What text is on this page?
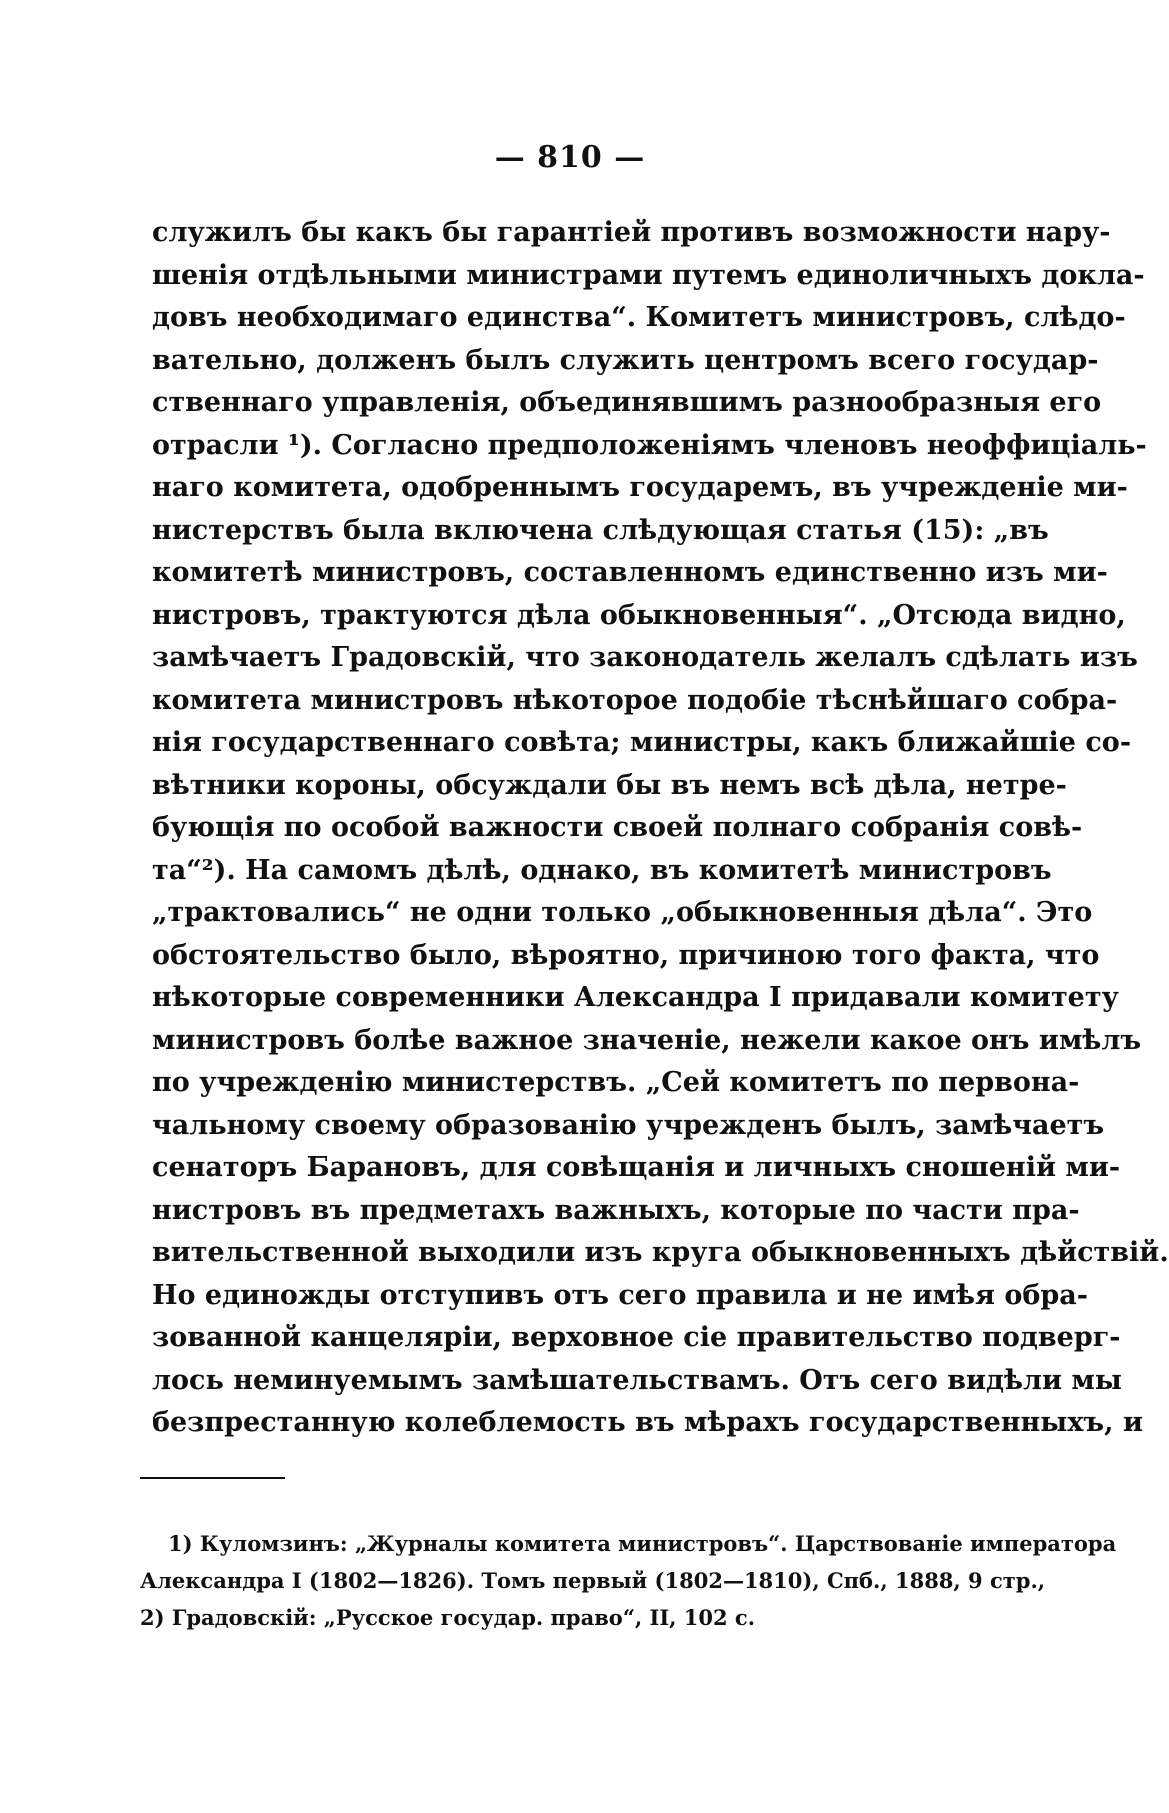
— 810 —
служилъ бы какъ бы гарантіей противъ возможности нару-
шенія отдѣльными министрами путемъ единоличныхъ докла-
довъ необходимаго единства“. Комитетъ министровъ, слѣдо-
вательно, долженъ былъ служить центромъ всего государ-
ственнаго управленія, объединявшимъ разнообразныя его
отрасли ¹). Согласно предположеніямъ членовъ неоффиціаль-
наго комитета, одобреннымъ государемъ, въ учрежденіе ми-
нистерствъ была включена слѣдующая статья (15): „въ
комитетѣ министровъ, составленномъ единственно изъ ми-
нистровъ, трактуются дѣла обыкновенныя“. „Отсюда видно,
замѣчаетъ Градовскій, что законодатель желалъ сдѣлать изъ
комитета министровъ нѣкоторое подобіе тѣснѣйшаго собра-
нія государственнаго совѣта; министры, какъ ближайшіе со-
вѣтники короны, обсуждали бы въ немъ всѣ дѣла, нетре-
бующія по особой важности своей полнаго собранія совѣ-
та“²). На самомъ дѣлѣ, однако, въ комитетѣ министровъ
„трактовались“ не одни только „обыкновенныя дѣла“. Это
обстоятельство было, вѣроятно, причиною того факта, что
нѣкоторые современники Александра I придавали комитету
министровъ болѣе важное значеніе, нежели какое онъ имѣлъ
по учрежденію министерствъ. „Сей комитетъ по первона-
чальному своему образованію учрежденъ былъ, замѣчаетъ
сенаторъ Барановъ, для совѣщанія и личныхъ сношеній ми-
нистровъ въ предметахъ важныхъ, которые по части пра-
вительственной выходили изъ круга обыкновенныхъ дѣйствій.
Но единожды отступивъ отъ сего правила и не имѣя обра-
зованной канцеляріи, верховное сіе правительство подверг-
лось неминуемымъ замѣшательствамъ. Отъ сего видѣли мы
безпрестанную колеблемость въ мѣрахъ государственныхъ, и
1) Куломзинъ: „Журналы комитета министровъ“. Царствованіе императора
Александра I (1802—1826). Томъ первый (1802—1810), Спб., 1888, 9 стр.,
2) Градовскій: „Русское государ. право“, II, 102 с.
